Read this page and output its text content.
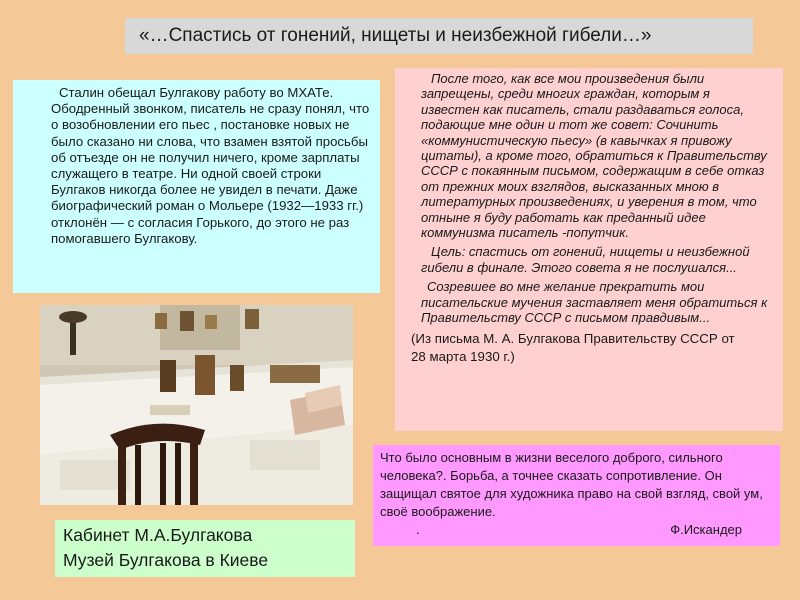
«…Спастись от гонений, нищеты и неизбежной гибели…»
Сталин обещал Булгакову работу во МХАТе. Ободренный звонком, писатель не сразу понял, что о возобновлении его пьес , постановке новых не было сказано ни слова, что взамен взятой просьбы об отъезде он не получил ничего, кроме зарплаты служащего в театре. Ни одной своей строки Булгаков никогда более не увидел в печати. Даже биографический роман о Мольере (1932—1933 гг.) отклонён — с согласия Горького, до этого не раз помогавшего Булгакову.

После того, как все мои произведения были запрещены, среди многих граждан, которым я известен как писатель, стали раздаваться голоса, подающие мне один и тот же совет: Сочинить «коммунистическую пьесу» (в кавычках я привожу цитаты), а кроме того, обратиться к Правительству СССР с покаянным письмом, содержащим в себе отказ от прежних моих взглядов, высказанных мною в литературных произведениях, и уверения в том, что отныне я буду работать как преданный идее коммунизма писатель -попутчик.

Цель: спастись от гонений, нищеты и неизбежной гибели в финале. Этого совета я не послушался...

Созревшее во мне желание прекратить мои писательские мучения заставляет меня обратиться к Правительству СССР с письмом правдивым...

(Из письма М. А. Булгакова Правительству СССР от 28 марта 1930 г.)

Кабинет М.А.Булгакова
Музей Булгакова в Киеве
Что было основным в жизни веселого доброго, сильного человека?. Борьба, а точнее сказать сопротивление. Он защищал святое для художника право на свой взгляд, свой ум, своё воображение.
.	Ф.Искандер
